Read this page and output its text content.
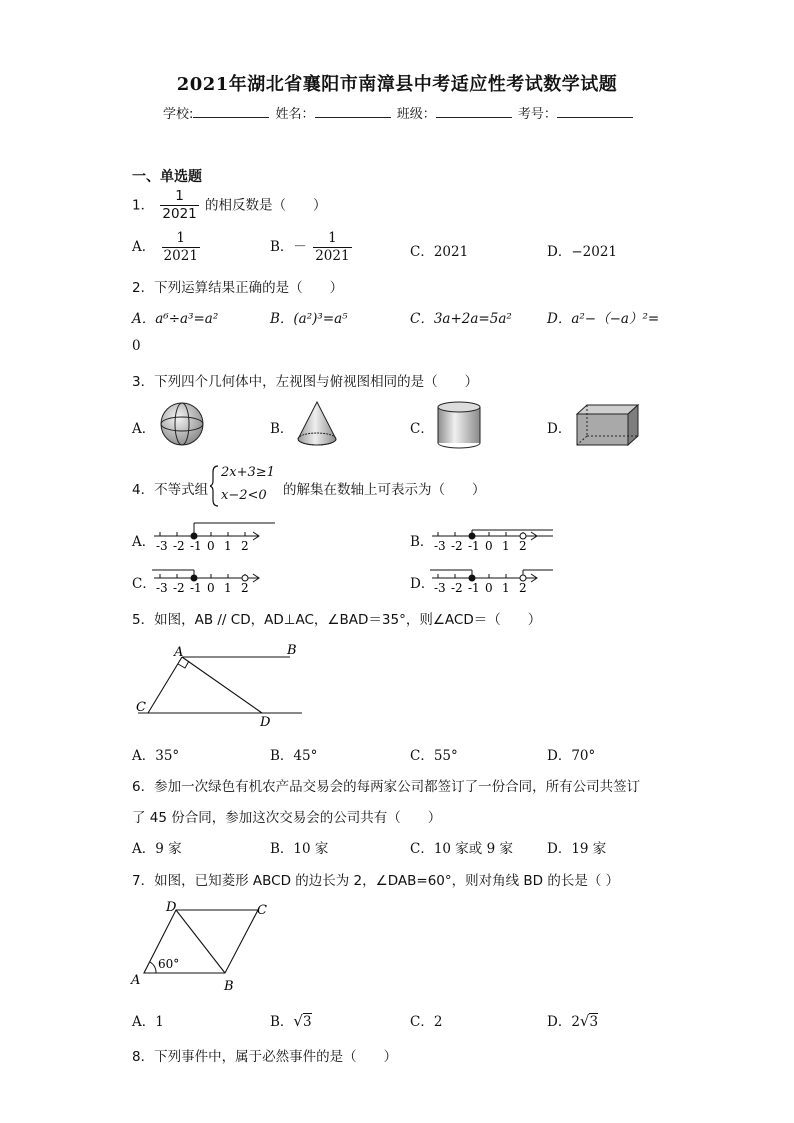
2021年湖北省襄阳市南漳县中考适应性考试数学试题
学校:	姓名：	班级：	考号：
一、单选题
1． $\frac{1}{2021}$ 的相反数是（　　）
A． $\frac{1}{2021}$	B．－ $\frac{1}{2021}$	C．2021	D．−2021
2．下列运算结果正确的是（　　）
A．a⁶÷a³=a²	B．(a²)³=a⁵	C．3a+2a=5a²	D．a²−（−a）²=
0
3．下列四个几何体中，左视图与俯视图相同的是（　　）
A．	B．	C．	D．
4．不等式组
2x+3≥1
x−2<0 的解集在数轴上可表示为（　　）
A．	B．
C．	D．
-3 -2 -1 0 1 2	-3 -2 -1 0 1 2
-3 -2 -1 0 1 2	-3 -2 -1 0 1 2
5．如图，AB // CD，AD⊥AC，∠BAD＝35°，则∠ACD＝（　　）
A	B
C
D
A．35°	B．45°	C．55°	D．70°
6．参加一次绿色有机农产品交易会的每两家公司都签订了一份合同，所有公司共签订
了 45 份合同，参加这次交易会的公司共有（　　）
A．9 家	B．10 家	C．10 家或 9 家	D．19 家
7．如图，已知菱形 ABCD 的边长为 2，∠DAB=60°，则对角线 BD 的长是（ ）
D	C
A	B
60°
A．1	B．√3	C．2	D．2√3
8．下列事件中，属于必然事件的是（　　）
